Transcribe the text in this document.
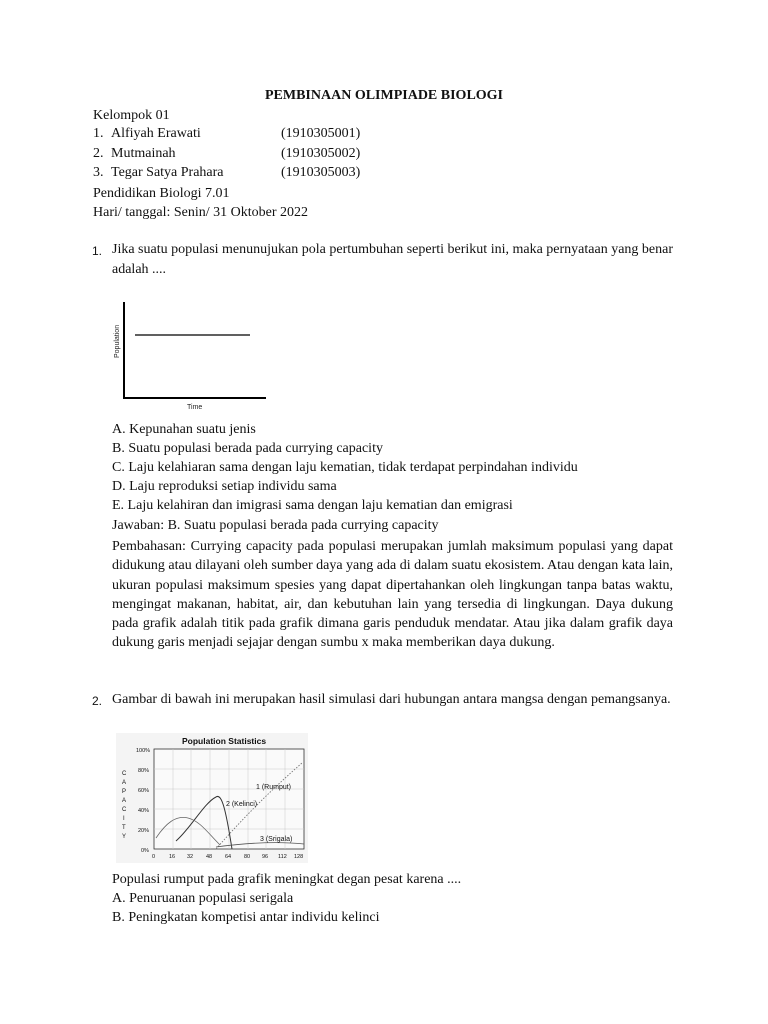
PEMBINAAN OLIMPIADE BIOLOGI
Kelompok 01
1. Alfiyah Erawati	(1910305001)
2. Mutmainah	(1910305002)
3. Tegar Satya Prahara	(1910305003)
Pendidikan Biologi 7.01
Hari/ tanggal: Senin/ 31 Oktober 2022
1. Jika suatu populasi menunujukan pola pertumbuhan seperti berikut ini, maka pernyataan yang benar adalah ....
Population
Time
A. Kepunahan suatu jenis
B. Suatu populasi berada pada currying capacity
C. Laju kelahiaran sama dengan laju kematian, tidak terdapat perpindahan individu
D. Laju reproduksi setiap individu sama
E. Laju kelahiran dan imigrasi sama dengan laju kematian dan emigrasi
Jawaban: B. Suatu populasi berada pada currying capacity
Pembahasan: Currying capacity pada populasi merupakan jumlah maksimum populasi yang dapat didukung atau dilayani oleh sumber daya yang ada di dalam suatu ekosistem. Atau dengan kata lain, ukuran populasi maksimum spesies yang dapat dipertahankan oleh lingkungan tanpa batas waktu, mengingat makanan, habitat, air, dan kebutuhan lain yang tersedia di lingkungan. Daya dukung pada grafik adalah titik pada grafik dimana garis penduduk mendatar. Atau jika dalam grafik daya dukung garis menjadi sejajar dengan sumbu x maka memberikan daya dukung.
2. Gambar di bawah ini merupakan hasil simulasi dari hubungan antara mangsa dengan pemangsanya.
Population Statistics
100%
80%
60%
40%
20%
0%
C
A
P
A
C
I
T
Y
0	16 32 48 64 80 96 112 128
1 (Rumput)
2 (Kelinci)
3 (Srigala)
Populasi rumput pada grafik meningkat degan pesat karena ....
A. Penuruanan populasi serigala
B. Peningkatan kompetisi antar individu kelinci
